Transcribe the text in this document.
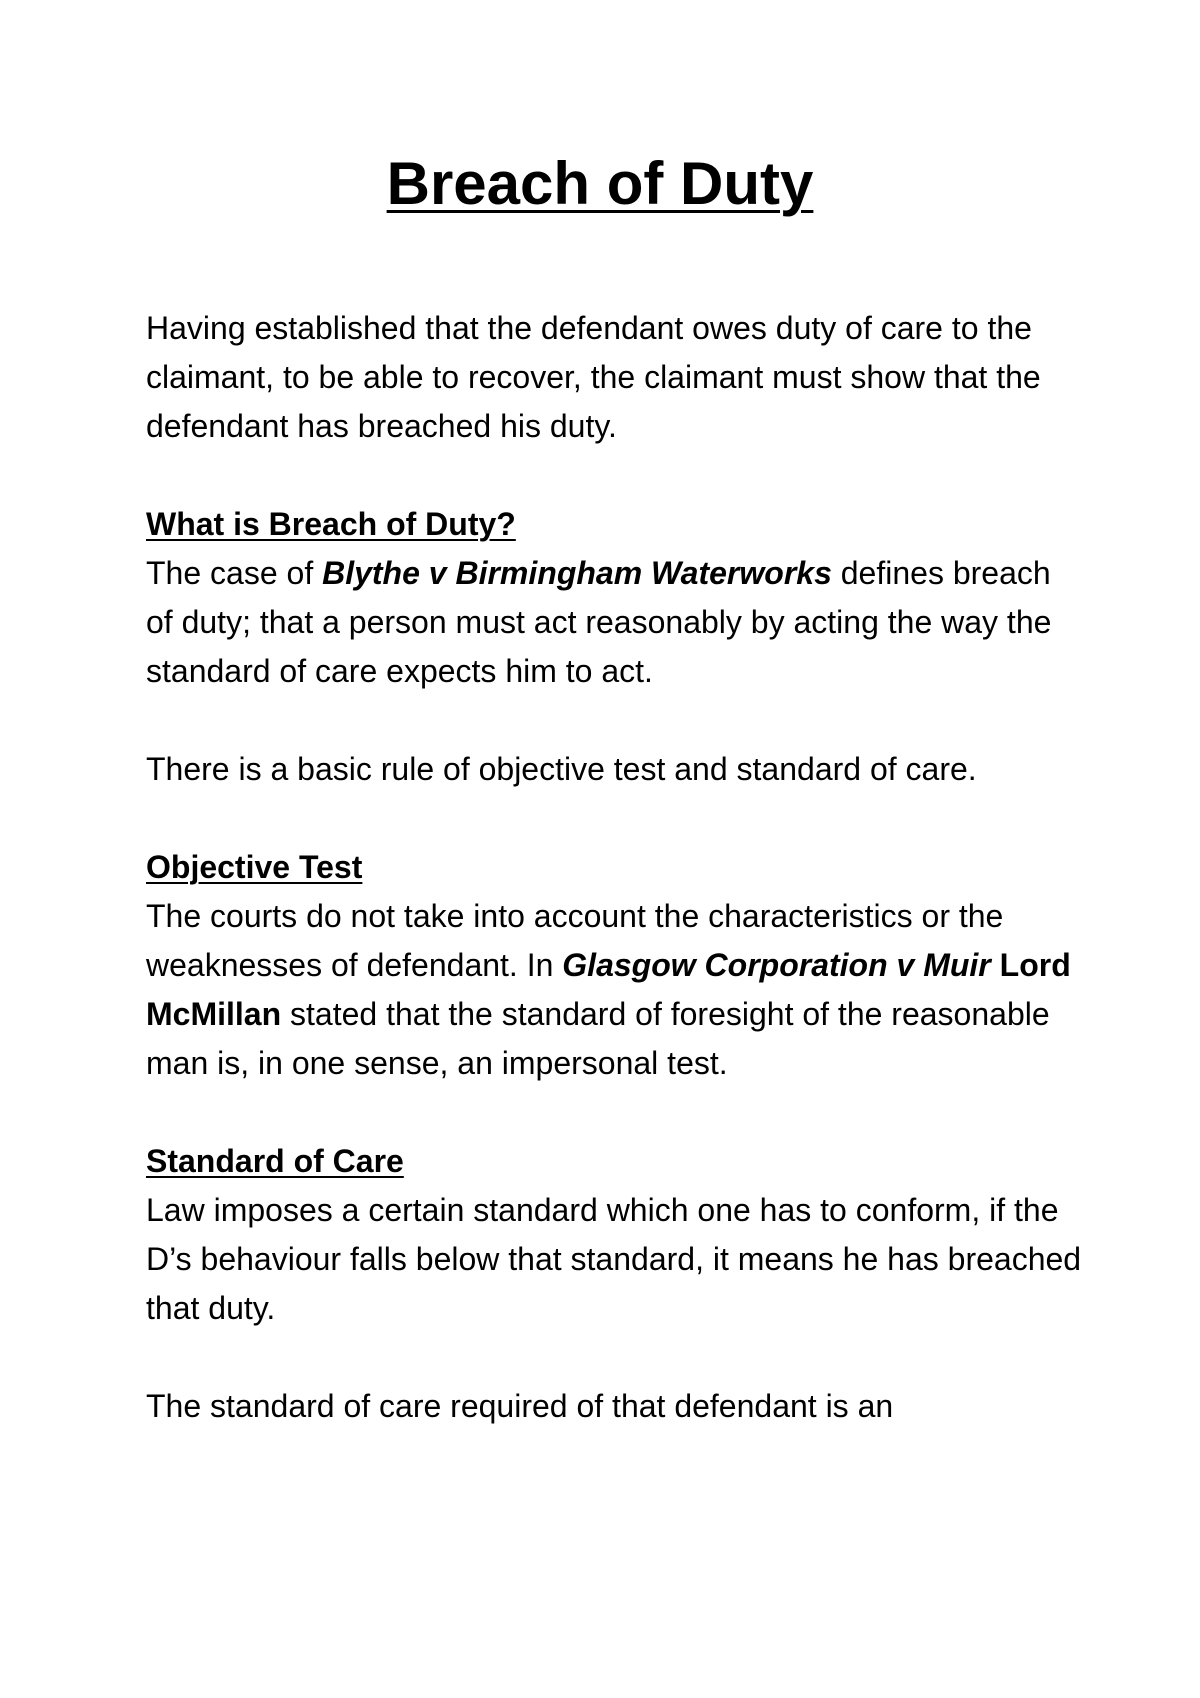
Breach of Duty

Having established that the defendant owes duty of care to the claimant, to be able to recover, the claimant must show that the defendant has breached his duty.

What is Breach of Duty?

The case of Blythe v Birmingham Waterworks defines breach of duty; that a person must act reasonably by acting the way the standard of care expects him to act.

There is a basic rule of objective test and standard of care.

Objective Test

The courts do not take into account the characteristics or the weaknesses of defendant. In Glasgow Corporation v Muir Lord McMillan stated that the standard of foresight of the reasonable man is, in one sense, an impersonal test.

Standard of Care

Law imposes a certain standard which one has to conform, if the D’s behaviour falls below that standard, it means he has breached that duty.

The standard of care required of that defendant is an
